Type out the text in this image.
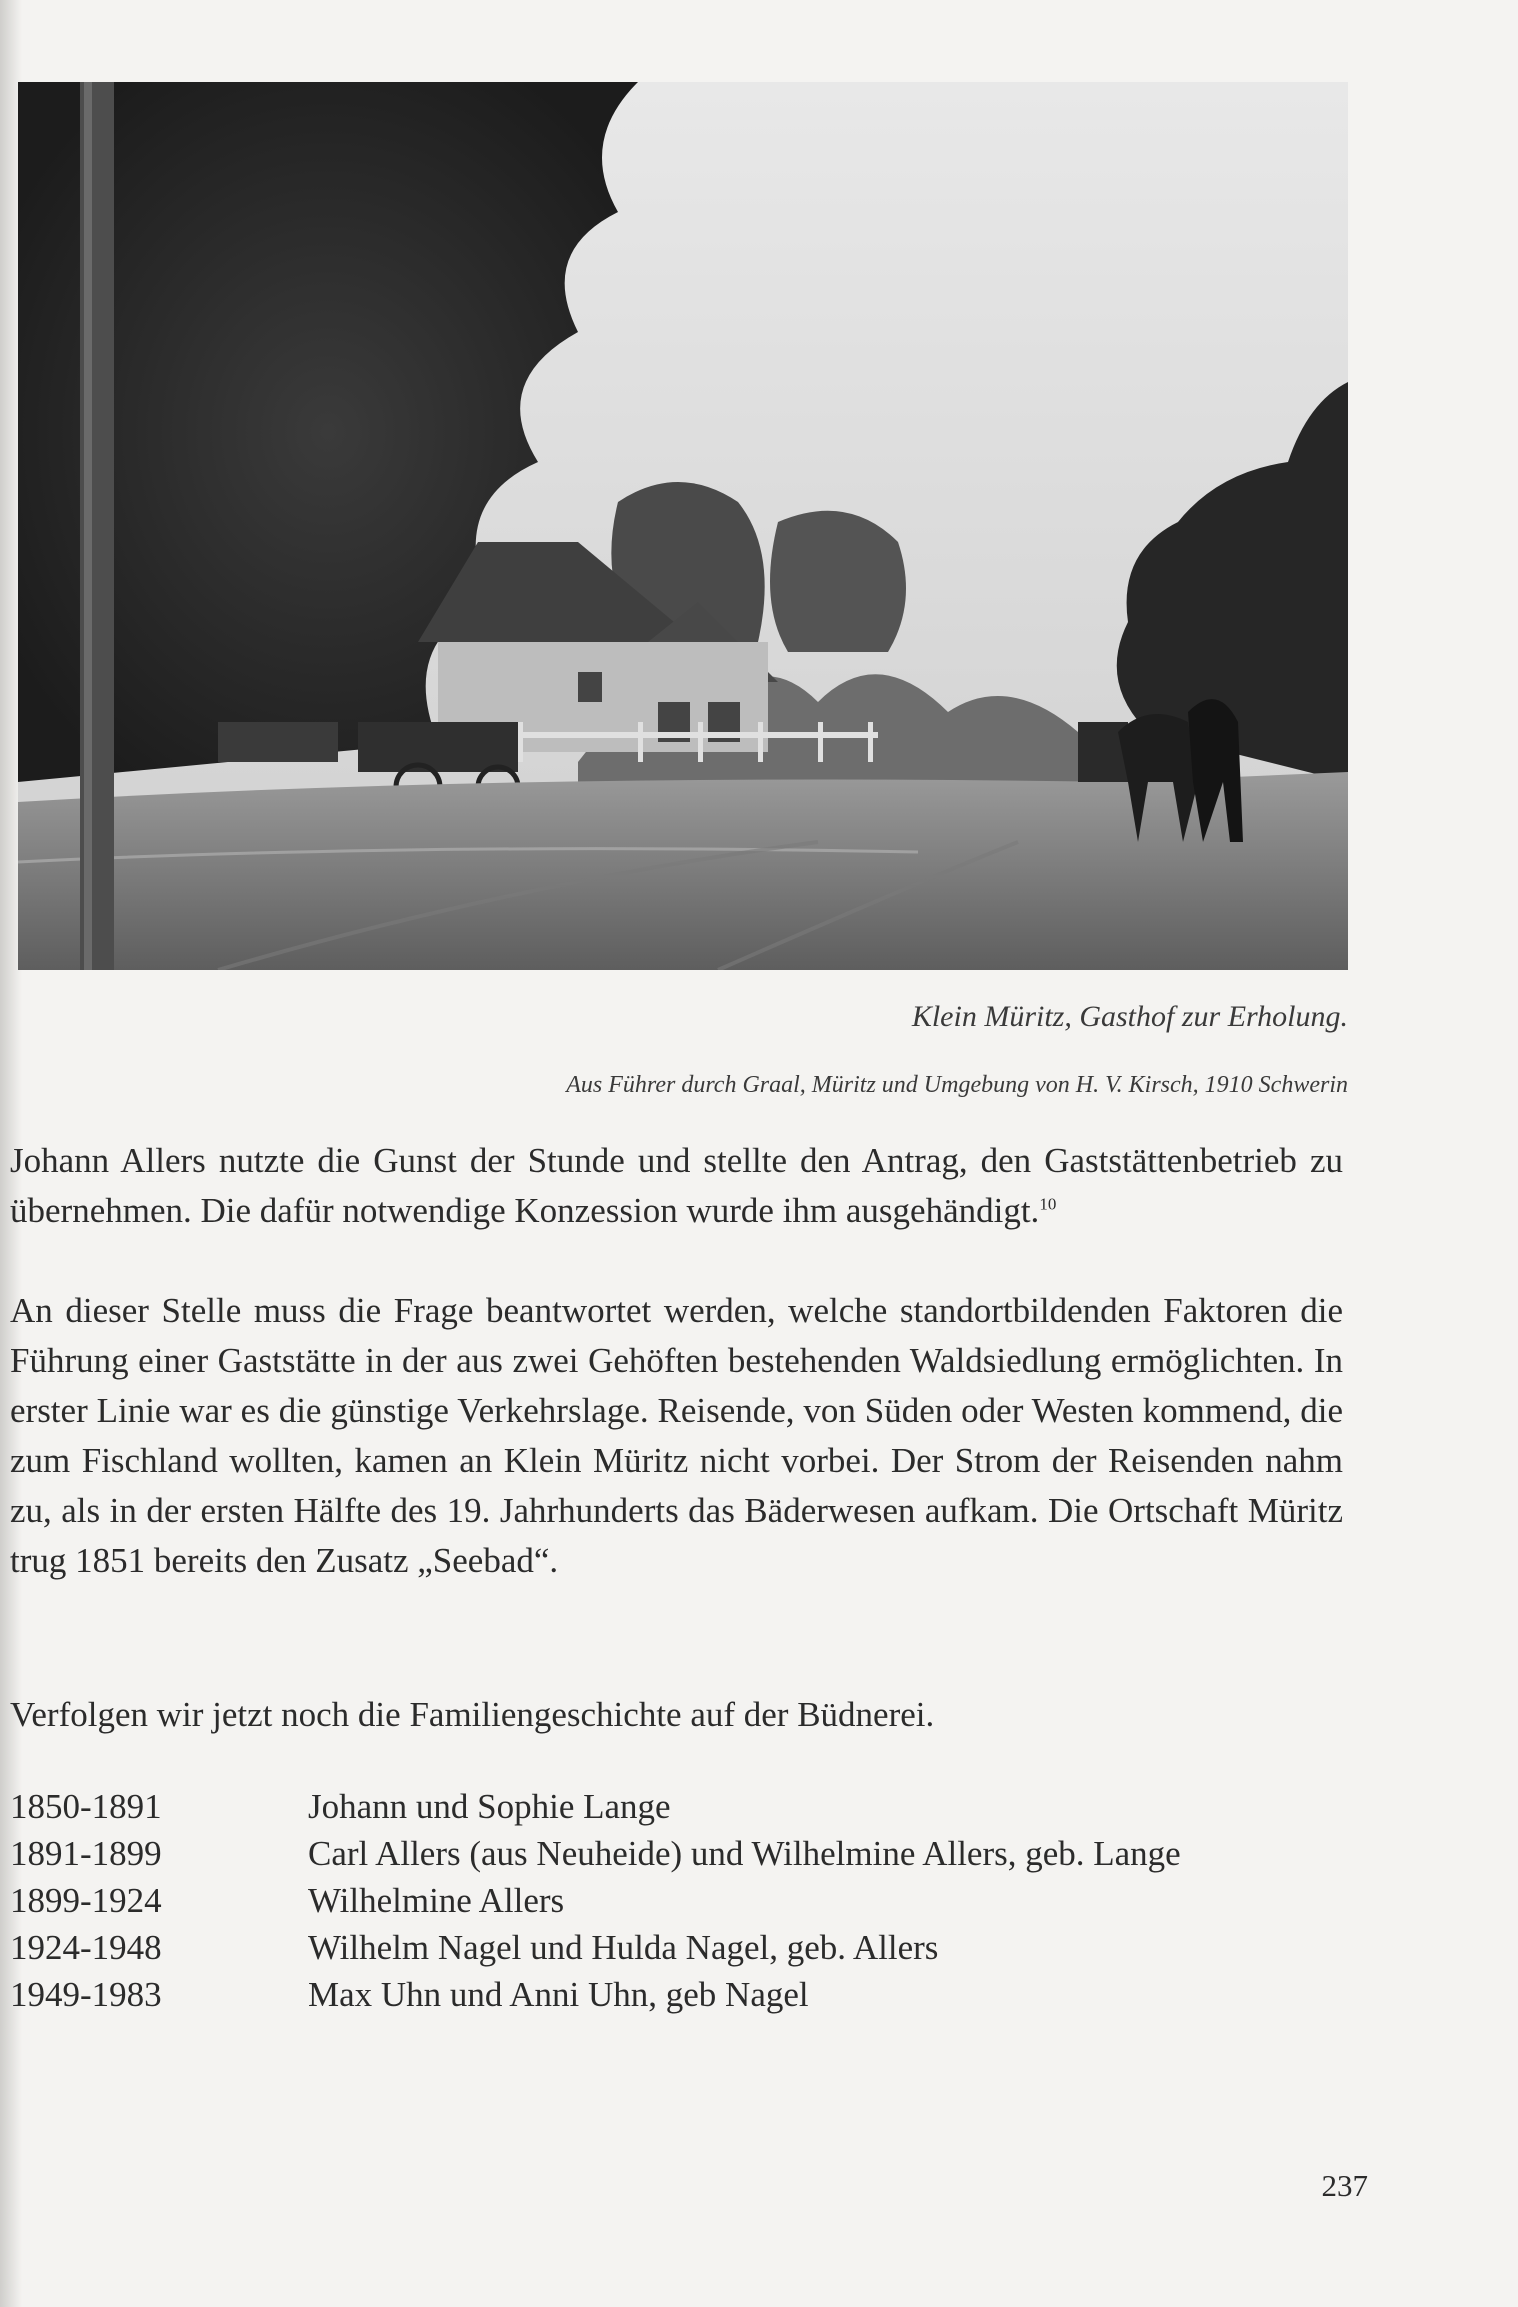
Klein Müritz, Gasthof zur Erholung.
Aus Führer durch Graal, Müritz und Umgebung von H. V. Kirsch, 1910 Schwerin

Johann Allers nutzte die Gunst der Stunde und stellte den Antrag, den Gaststättenbetrieb zu übernehmen. Die dafür notwendige Konzession wurde ihm ausgehändigt.$^{10}$

An dieser Stelle muss die Frage beantwortet werden, welche standortbildenden Faktoren die Führung einer Gaststätte in der aus zwei Gehöften bestehenden Waldsiedlung ermöglichten. In erster Linie war es die günstige Verkehrslage. Reisende, von Süden oder Westen kommend, die zum Fischland wollten, kamen an Klein Müritz nicht vorbei. Der Strom der Reisenden nahm zu, als in der ersten Hälfte des 19. Jahrhunderts das Bäderwesen aufkam. Die Ortschaft Müritz trug 1851 bereits den Zusatz „Seebad“.

Verfolgen wir jetzt noch die Familiengeschichte auf der Büdnerei.

1850-1891	Johann und Sophie Lange
1891-1899	Carl Allers (aus Neuheide) und Wilhelmine Allers, geb. Lange
1899-1924	Wilhelmine Allers
1924-1948	Wilhelm Nagel und Hulda Nagel, geb. Allers
1949-1983	Max Uhn und Anni Uhn, geb Nagel
237
